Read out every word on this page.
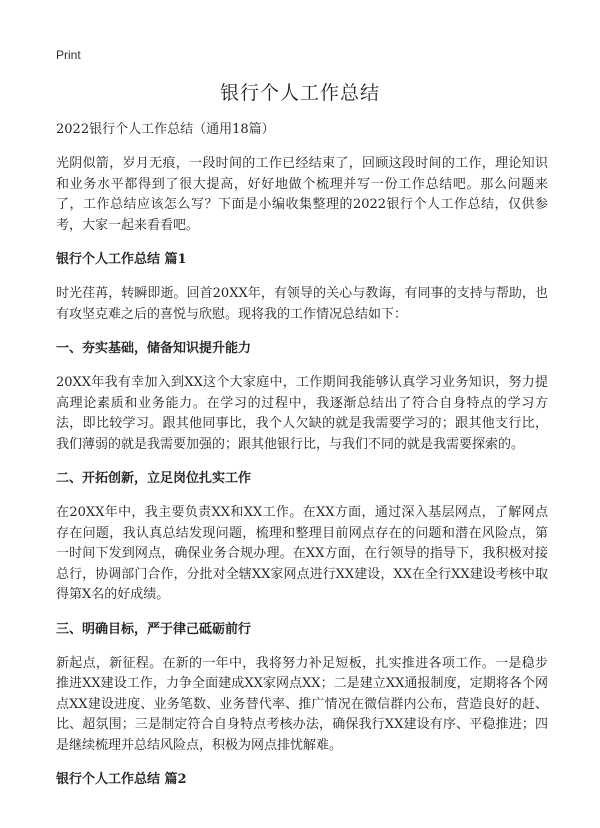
Print
银行个人工作总结
2022银行个人工作总结（通用18篇）

光阴似箭，岁月无痕，一段时间的工作已经结束了，回顾这段时间的工作，理论知识和业务水平都得到了很大提高，好好地做个梳理并写一份工作总结吧。那么问题来了，工作总结应该怎么写？下面是小编收集整理的2022银行个人工作总结，仅供参考，大家一起来看看吧。

银行个人工作总结 篇1

时光荏苒，转瞬即逝。回首20XX年，有领导的关心与教诲，有同事的支持与帮助，也有攻坚克难之后的喜悦与欣慰。现将我的工作情况总结如下：

一、夯实基础，储备知识提升能力

20XX年我有幸加入到XX这个大家庭中，工作期间我能够认真学习业务知识，努力提高理论素质和业务能力。在学习的过程中，我逐渐总结出了符合自身特点的学习方法，即比较学习。跟其他同事比，我个人欠缺的就是我需要学习的；跟其他支行比，我们薄弱的就是我需要加强的；跟其他银行比，与我们不同的就是我需要探索的。

二、开拓创新，立足岗位扎实工作

在20XX年中，我主要负责XX和XX工作。在XX方面，通过深入基层网点，了解网点存在问题，我认真总结发现问题，梳理和整理目前网点存在的问题和潜在风险点，第一时间下发到网点，确保业务合规办理。在XX方面，在行领导的指导下，我积极对接总行，协调部门合作，分批对全辖XX家网点进行XX建设，XX在全行XX建设考核中取得第X名的好成绩。

三、明确目标，严于律己砥砺前行

新起点，新征程。在新的一年中，我将努力补足短板，扎实推进各项工作。一是稳步推进XX建设工作，力争全面建成XX家网点XX；二是建立XX通报制度，定期将各个网点XX建设进度、业务笔数、业务替代率、推广情况在微信群内公布，营造良好的赶、比、超氛围；三是制定符合自身特点考核办法，确保我行XX建设有序、平稳推进；四是继续梳理并总结风险点，积极为网点排忧解难。

银行个人工作总结 篇2
